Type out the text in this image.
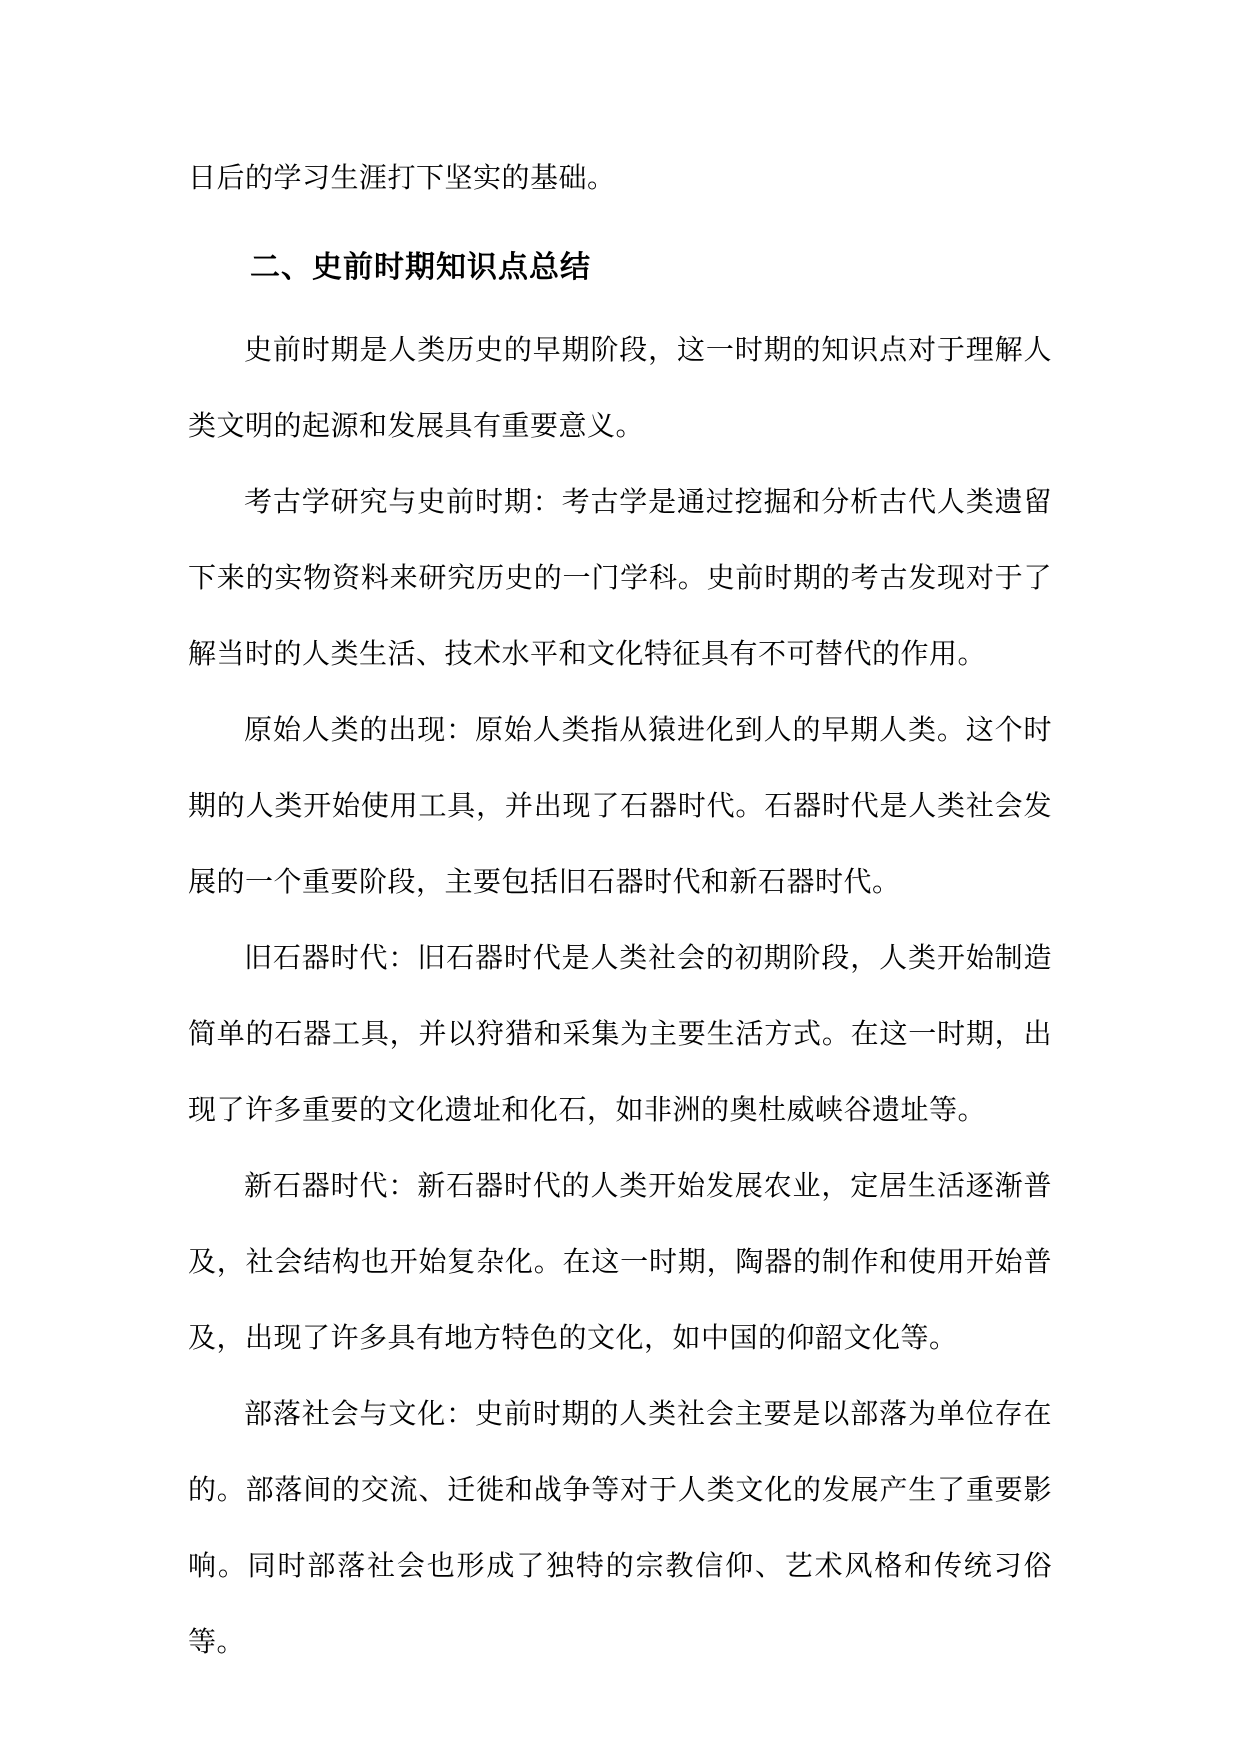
日后的学习生涯打下坚实的基础。

二、史前时期知识点总结

史前时期是人类历史的早期阶段，这一时期的知识点对于理解人类文明的起源和发展具有重要意义。

考古学研究与史前时期：考古学是通过挖掘和分析古代人类遗留下来的实物资料来研究历史的一门学科。史前时期的考古发现对于了解当时的人类生活、技术水平和文化特征具有不可替代的作用。

原始人类的出现：原始人类指从猿进化到人的早期人类。这个时期的人类开始使用工具，并出现了石器时代。石器时代是人类社会发展的一个重要阶段，主要包括旧石器时代和新石器时代。

旧石器时代：旧石器时代是人类社会的初期阶段，人类开始制造简单的石器工具，并以狩猎和采集为主要生活方式。在这一时期，出现了许多重要的文化遗址和化石，如非洲的奥杜威峡谷遗址等。

新石器时代：新石器时代的人类开始发展农业，定居生活逐渐普及，社会结构也开始复杂化。在这一时期，陶器的制作和使用开始普及，出现了许多具有地方特色的文化，如中国的仰韶文化等。

部落社会与文化：史前时期的人类社会主要是以部落为单位存在的。部落间的交流、迁徙和战争等对于人类文化的发展产生了重要影响。同时部落社会也形成了独特的宗教信仰、艺术风格和传统习俗等。
